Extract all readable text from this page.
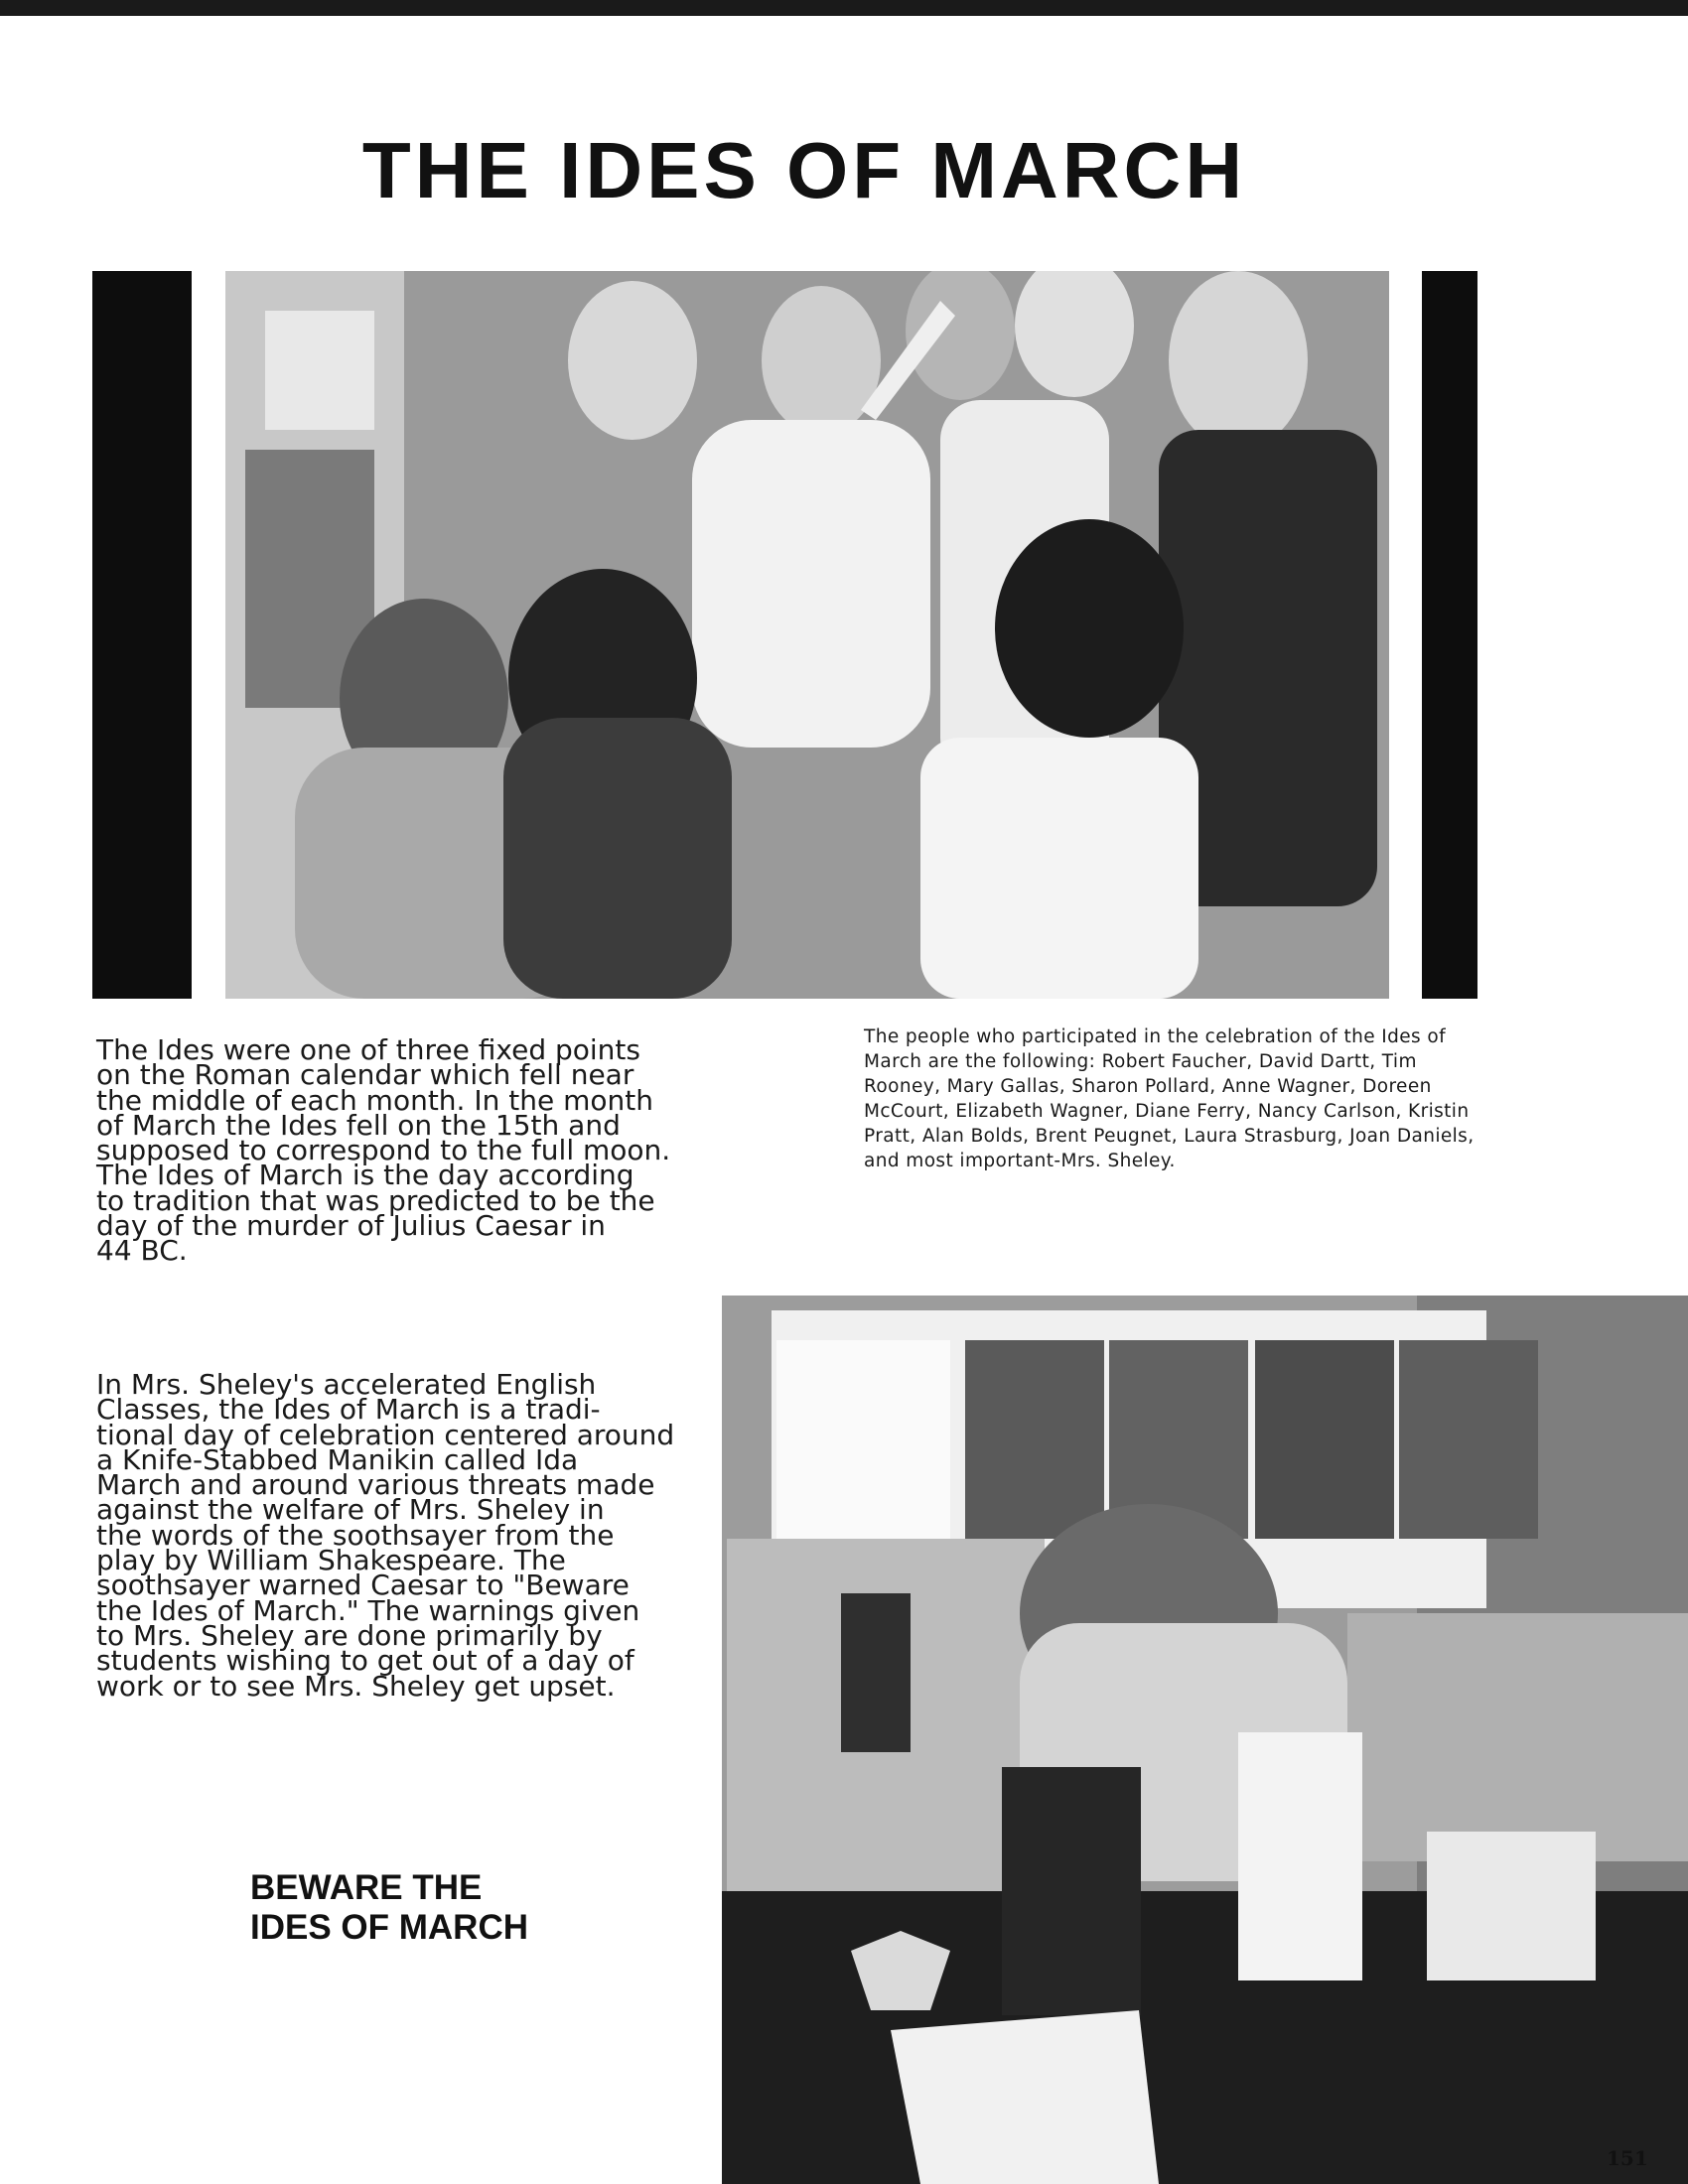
THE IDES OF MARCH
The Ides were one of three fixed points
on the Roman calendar which fell near
the middle of each month. In the month
of March the Ides fell on the 15th and
supposed to correspond to the full moon.
The Ides of March is the day according
to tradition that was predicted to be the
day of the murder of Julius Caesar in
44 BC.
In Mrs. Sheley's accelerated English
Classes, the Ides of March is a tradi-
tional day of celebration centered around
a Knife-Stabbed Manikin called Ida
March and around various threats made
against the welfare of Mrs. Sheley in
the words of the soothsayer from the
play by William Shakespeare. The
soothsayer warned Caesar to "Beware
the Ides of March." The warnings given
to Mrs. Sheley are done primarily by
students wishing to get out of a day of
work or to see Mrs. Sheley get upset.
The people who participated in the celebration of the Ides of March are the following: Robert Faucher, David Dartt, Tim Rooney, Mary Gallas, Sharon Pollard, Anne Wagner, Doreen McCourt, Elizabeth Wagner, Diane Ferry, Nancy Carlson, Kristin Pratt, Alan Bolds, Brent Peugnet, Laura Strasburg, Joan Daniels, and most important-Mrs. Sheley.
BEWARE THE
IDES OF MARCH
151
